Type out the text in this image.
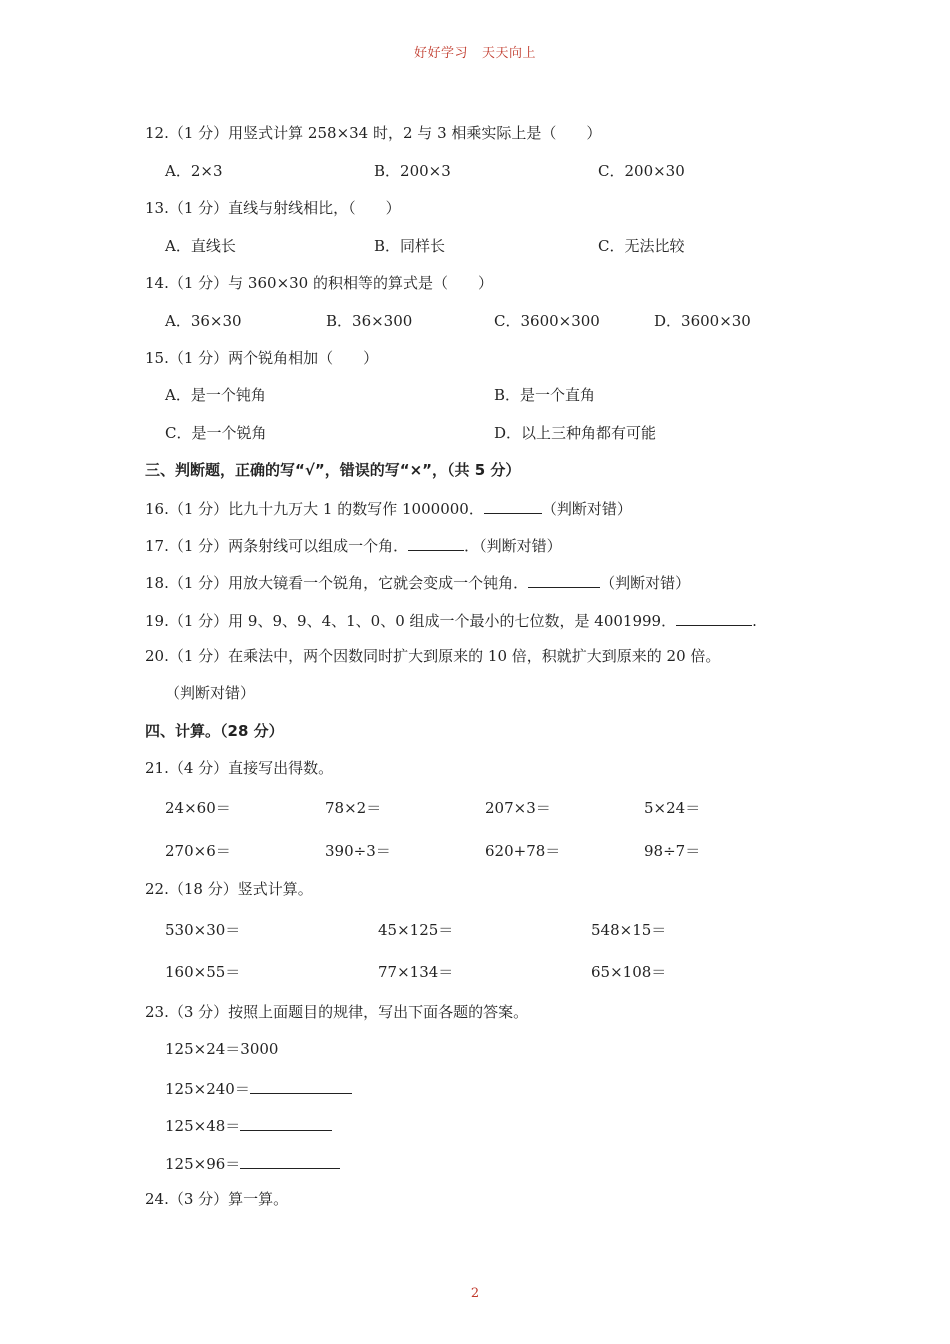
好好学习 天天向上
12.（1 分）用竖式计算 258×34 时，2 与 3 相乘实际上是（　　）
A．2×3	B．200×3	C．200×30
13.（1 分）直线与射线相比，（　　）
A．直线长	B．同样长	C．无法比较
14.（1 分）与 360×30 的积相等的算式是（　　）
A．36×30	B．36×300	C．3600×300	D．3600×30
15.（1 分）两个锐角相加（　　）
A．是一个钝角	B．是一个直角
C．是一个锐角	D．以上三种角都有可能
三、判断题，正确的写“√”，错误的写“×”，（共 5 分）
16.（1 分）比九十九万大 1 的数写作 1000000．	（判断对错）
17.（1 分）两条射线可以组成一个角．	．（判断对错）
18.（1 分）用放大镜看一个锐角，它就会变成一个钝角．	（判断对错）
19.（1 分）用 9、9、9、4、1、0、0 组成一个最小的七位数，是 4001999．	.
20.（1 分）在乘法中，两个因数同时扩大到原来的 10 倍，积就扩大到原来的 20 倍。
（判断对错）
四、计算。（28 分）
21.（4 分）直接写出得数。
24×60＝	78×2＝	207×3＝	5×24＝
270×6＝	390÷3＝	620+78＝	98÷7＝
22.（18 分）竖式计算。
530×30＝	45×125＝	548×15＝
160×55＝	77×134＝	65×108＝
23.（3 分）按照上面题目的规律，写出下面各题的答案。
125×24＝3000
125×240＝
125×48＝
125×96＝
24.（3 分）算一算。
2
